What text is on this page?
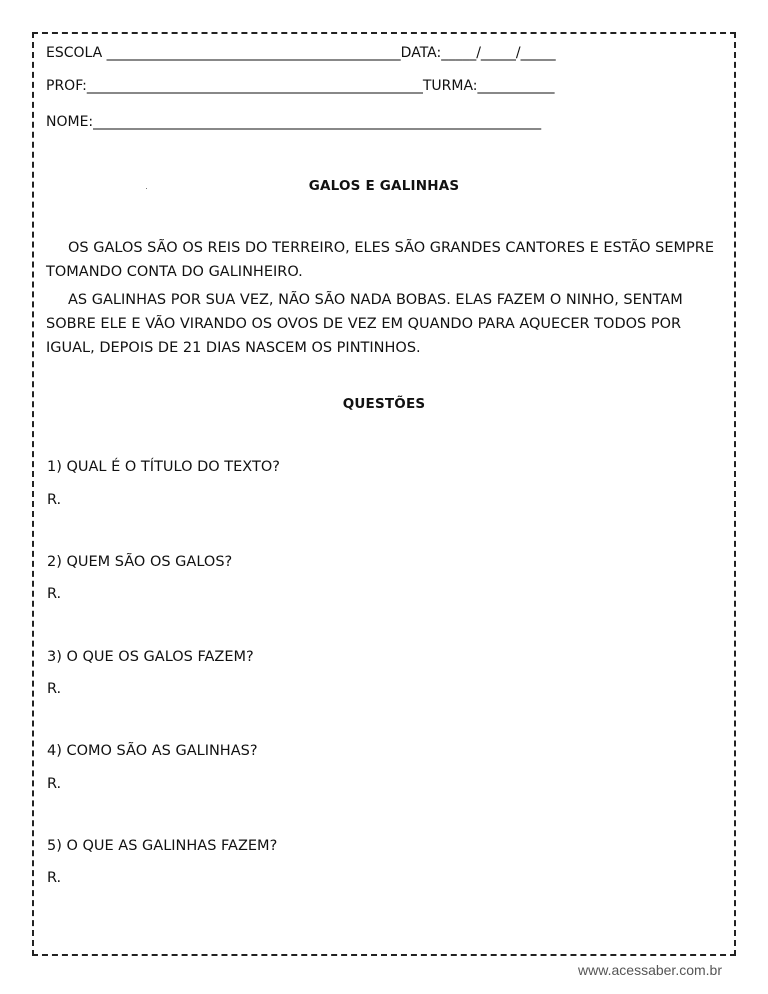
ESCOLA __________________________________________DATA:_____/_____/_____
PROF:________________________________________________TURMA:___________
NOME:________________________________________________________________
GALOS E GALINHAS

OS GALOS SÃO OS REIS DO TERREIRO, ELES SÃO GRANDES CANTORES E ESTÃO SEMPRE TOMANDO CONTA DO GALINHEIRO.

AS GALINHAS POR SUA VEZ, NÃO SÃO NADA BOBAS. ELAS FAZEM O NINHO, SENTAM SOBRE ELE E VÃO VIRANDO OS OVOS DE VEZ EM QUANDO PARA AQUECER TODOS POR IGUAL, DEPOIS DE 21 DIAS NASCEM OS PINTINHOS.

QUESTÕES
1) QUAL É O TÍTULO DO TEXTO?
R.
2) QUEM SÃO OS GALOS?
R.
3) O QUE OS GALOS FAZEM?
R.
4) COMO SÃO AS GALINHAS?
R.
5) O QUE AS GALINHAS FAZEM?
R.
www.acessaber.com.br
